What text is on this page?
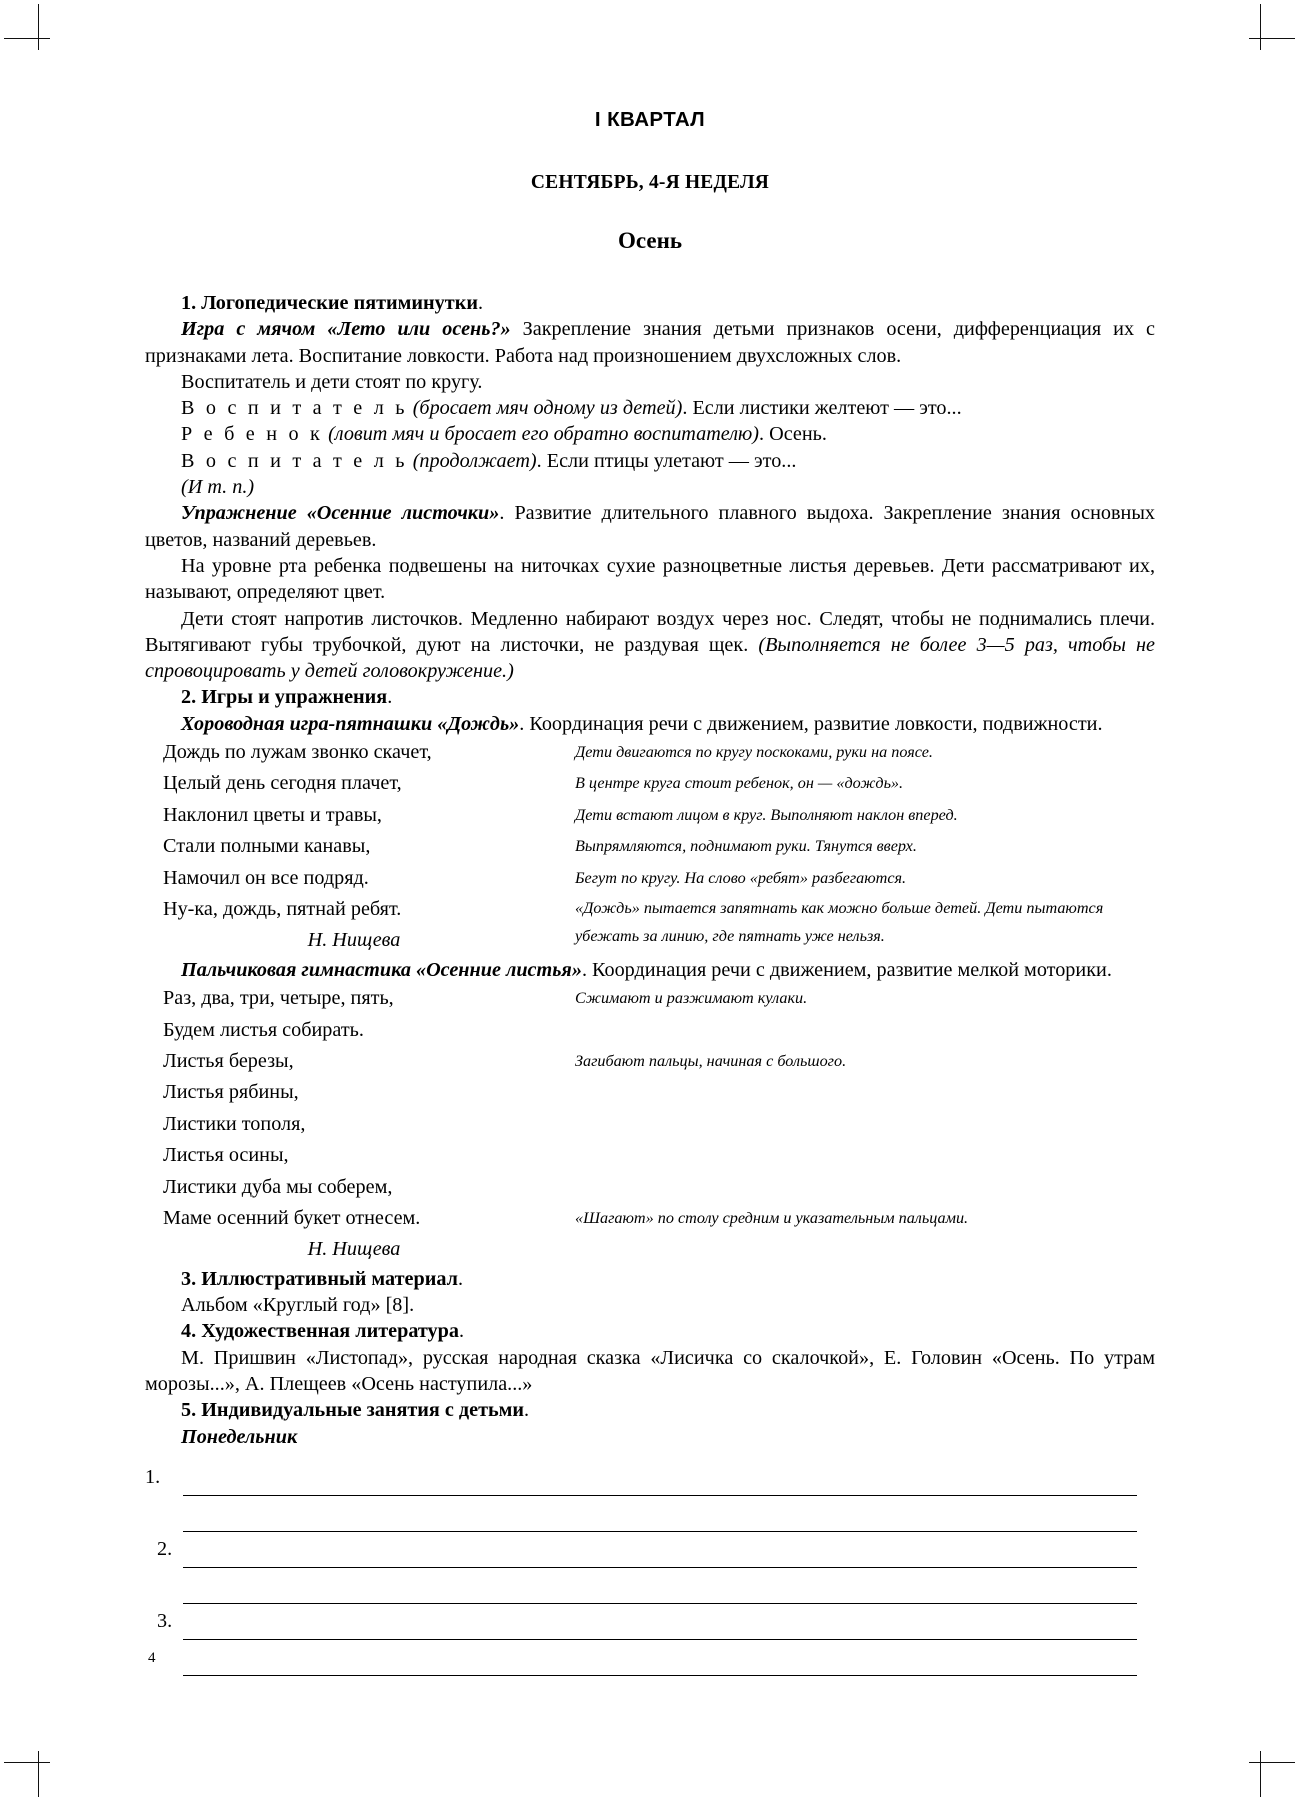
I КВАРТАЛ
СЕНТЯБРЬ, 4-Я НЕДЕЛЯ
Осень

1. Логопедические пятиминутки.

Игра с мячом «Лето или осень?» Закрепление знания детьми признаков осени, дифференциация их с признаками лета. Воспитание ловкости. Работа над произношением двухсложных слов.

Воспитатель и дети стоят по кругу.

В о с п и т а т е л ь (бросает мяч одному из детей). Если листики желтеют — это...

Р е б е н о к (ловит мяч и бросает его обратно воспитателю). Осень.

В о с п и т а т е л ь (продолжает). Если птицы улетают — это...

(И т. п.)

Упражнение «Осенние листочки». Развитие длительного плавного выдоха. Закрепление знания основных цветов, названий деревьев.

На уровне рта ребенка подвешены на ниточках сухие разноцветные листья деревьев. Дети рассматривают их, называют, определяют цвет.

Дети стоят напротив листочков. Медленно набирают воздух через нос. Следят, чтобы не поднимались плечи. Вытягивают губы трубочкой, дуют на листочки, не раздувая щек. (Выполняется не более 3—5 раз, чтобы не спровоцировать у детей головокружение.)

2. Игры и упражнения.

Хороводная игра-пятнашки «Дождь». Координация речи с движением, развитие ловкости, подвижности.

Дождь по лужам звонко скачет,	Дети двигаются по кругу поскоками, руки на поясе.
Целый день сегодня плачет,	В центре круга стоит ребенок, он — «дождь».
Наклонил цветы и травы,	Дети встают лицом в круг. Выполняют наклон вперед.
Стали полными канавы,	Выпрямляются, поднимают руки. Тянутся вверх.
Намочил он все подряд.	Бегут по кругу. На слово «ребят» разбегаются.
Ну-ка, дождь, пятнай ребят.	«Дождь» пытается запятнать как можно больше детей. Дети пытаются убежать за линию, где пятнать уже нельзя.
Н. Нищева	

Пальчиковая гимнастика «Осенние листья». Координация речи с движением, развитие мелкой моторики.

Раз, два, три, четыре, пять,	Сжимают и разжимают кулаки.
Будем листья собирать.	
Листья березы,	Загибают пальцы, начиная с большого.
Листья рябины,	
Листики тополя,	
Листья осины,	
Листики дуба мы соберем,	
Маме осенний букет отнесем.	«Шагают» по столу средним и указательным пальцами.
Н. Нищева	

3. Иллюстративный материал.

Альбом «Круглый год» [8].

4. Художественная литература.

М. Пришвин «Листопад», русская народная сказка «Лисичка со скалочкой», Е. Головин «Осень. По утрам морозы...», А. Плещеев «Осень наступила...»

5. Индивидуальные занятия с детьми.

Понедельник

1.
2.
3.
4
